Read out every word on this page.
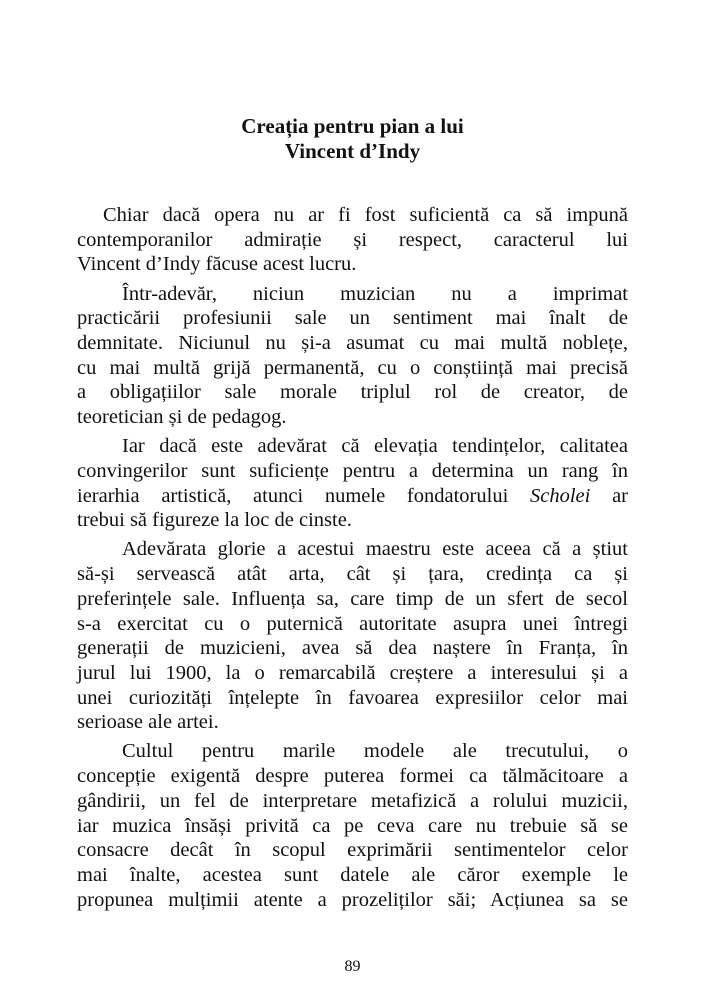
Creația pentru pian a lui
Vincent d’Indy
Chiar dacă opera nu ar fi fost suficientă ca să impună
contemporanilor admirație și respect, caracterul lui
Vincent d’Indy făcuse acest lucru.
Într-adevăr, niciun muzician nu a imprimat
practicării profesiunii sale un sentiment mai înalt de
demnitate. Niciunul nu și-a asumat cu mai multă noblețe,
cu mai multă grijă permanentă, cu o conștiință mai precisă
a obligațiilor sale morale triplul rol de creator, de
teoretician și de pedagog.
Iar dacă este adevărat că elevația tendințelor, calitatea
convingerilor sunt suficiențe pentru a determina un rang în
ierarhia artistică, atunci numele fondatorului Scholei ar
trebui să figureze la loc de cinste.
Adevărata glorie a acestui maestru este aceea că a știut
să-și servească atât arta, cât și țara, credința ca și
preferințele sale. Influența sa, care timp de un sfert de secol
s-a exercitat cu o puternică autoritate asupra unei întregi
generații de muzicieni, avea să dea naștere în Franța, în
jurul lui 1900, la o remarcabilă creștere a interesului și a
unei curiozități înțelepte în favoarea expresiilor celor mai
serioase ale artei.
Cultul pentru marile modele ale trecutului, o
concepție exigentă despre puterea formei ca tălmăcitoare a
gândirii, un fel de interpretare metafizică a rolului muzicii,
iar muzica însăși privită ca pe ceva care nu trebuie să se
consacre decât în scopul exprimării sentimentelor celor
mai înalte, acestea sunt datele ale căror exemple le
propunea mulțimii atente a prozeliților săi; Acțiunea sa se
89
